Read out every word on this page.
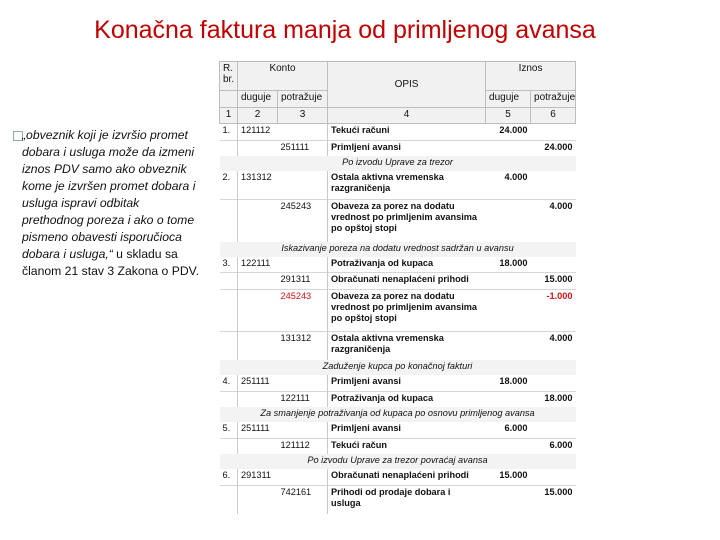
Konačna faktura manja od primljenog avansa
„obveznik koji je izvršio promet dobara i usluga može da izmeni iznos PDV samo ako obveznik kome je izvršen promet dobara i usluga ispravi odbitak prethodnog poreza i ako o tome pismeno obavesti isporučioca dobara i usluga,“ u skladu sa članom 21 stav 3 Zakona o PDV.
R.
br.	Konto		OPIS	Iznos	
	duguje	potražuje		duguje	potražuje
1	2	3	4	5	6
1.	121112		Tekući računi	24.000	
		251111	Primljeni avansi		24.000
Po izvodu Uprave za trezor					
2.	131312		Ostala aktivna vremenska razgraničenja	4.000	
		245243	Obaveza za porez na dodatu vrednost po primljenim avansima po opštoj stopi		4.000
Iskazivanje poreza na dodatu vrednost sadržan u avansu					
3.	122111		Potraživanja od kupaca	18.000	
		291311	Obračunati nenaplaćeni prihodi		15.000
		245243	Obaveza za porez na dodatu vrednost po primljenim avansima po opštoj stopi		-1.000
		131312	Ostala aktivna vremenska razgraničenja		4.000
Zaduženje kupca po konačnoj fakturi					
4.	251111		Primljeni avansi	18.000	
		122111	Potraživanja od kupaca		18.000
Za smanjenje potraživanja od kupaca po osnovu primljenog avansa					
5.	251111		Primljeni avansi	6.000	
		121112	Tekući račun		6.000
Po izvodu Uprave za trezor povraćaj avansa					
6.	291311		Obračunati nenaplaćeni prihodi	15.000	
		742161	Prihodi od prodaje dobara i usluga		15.000
